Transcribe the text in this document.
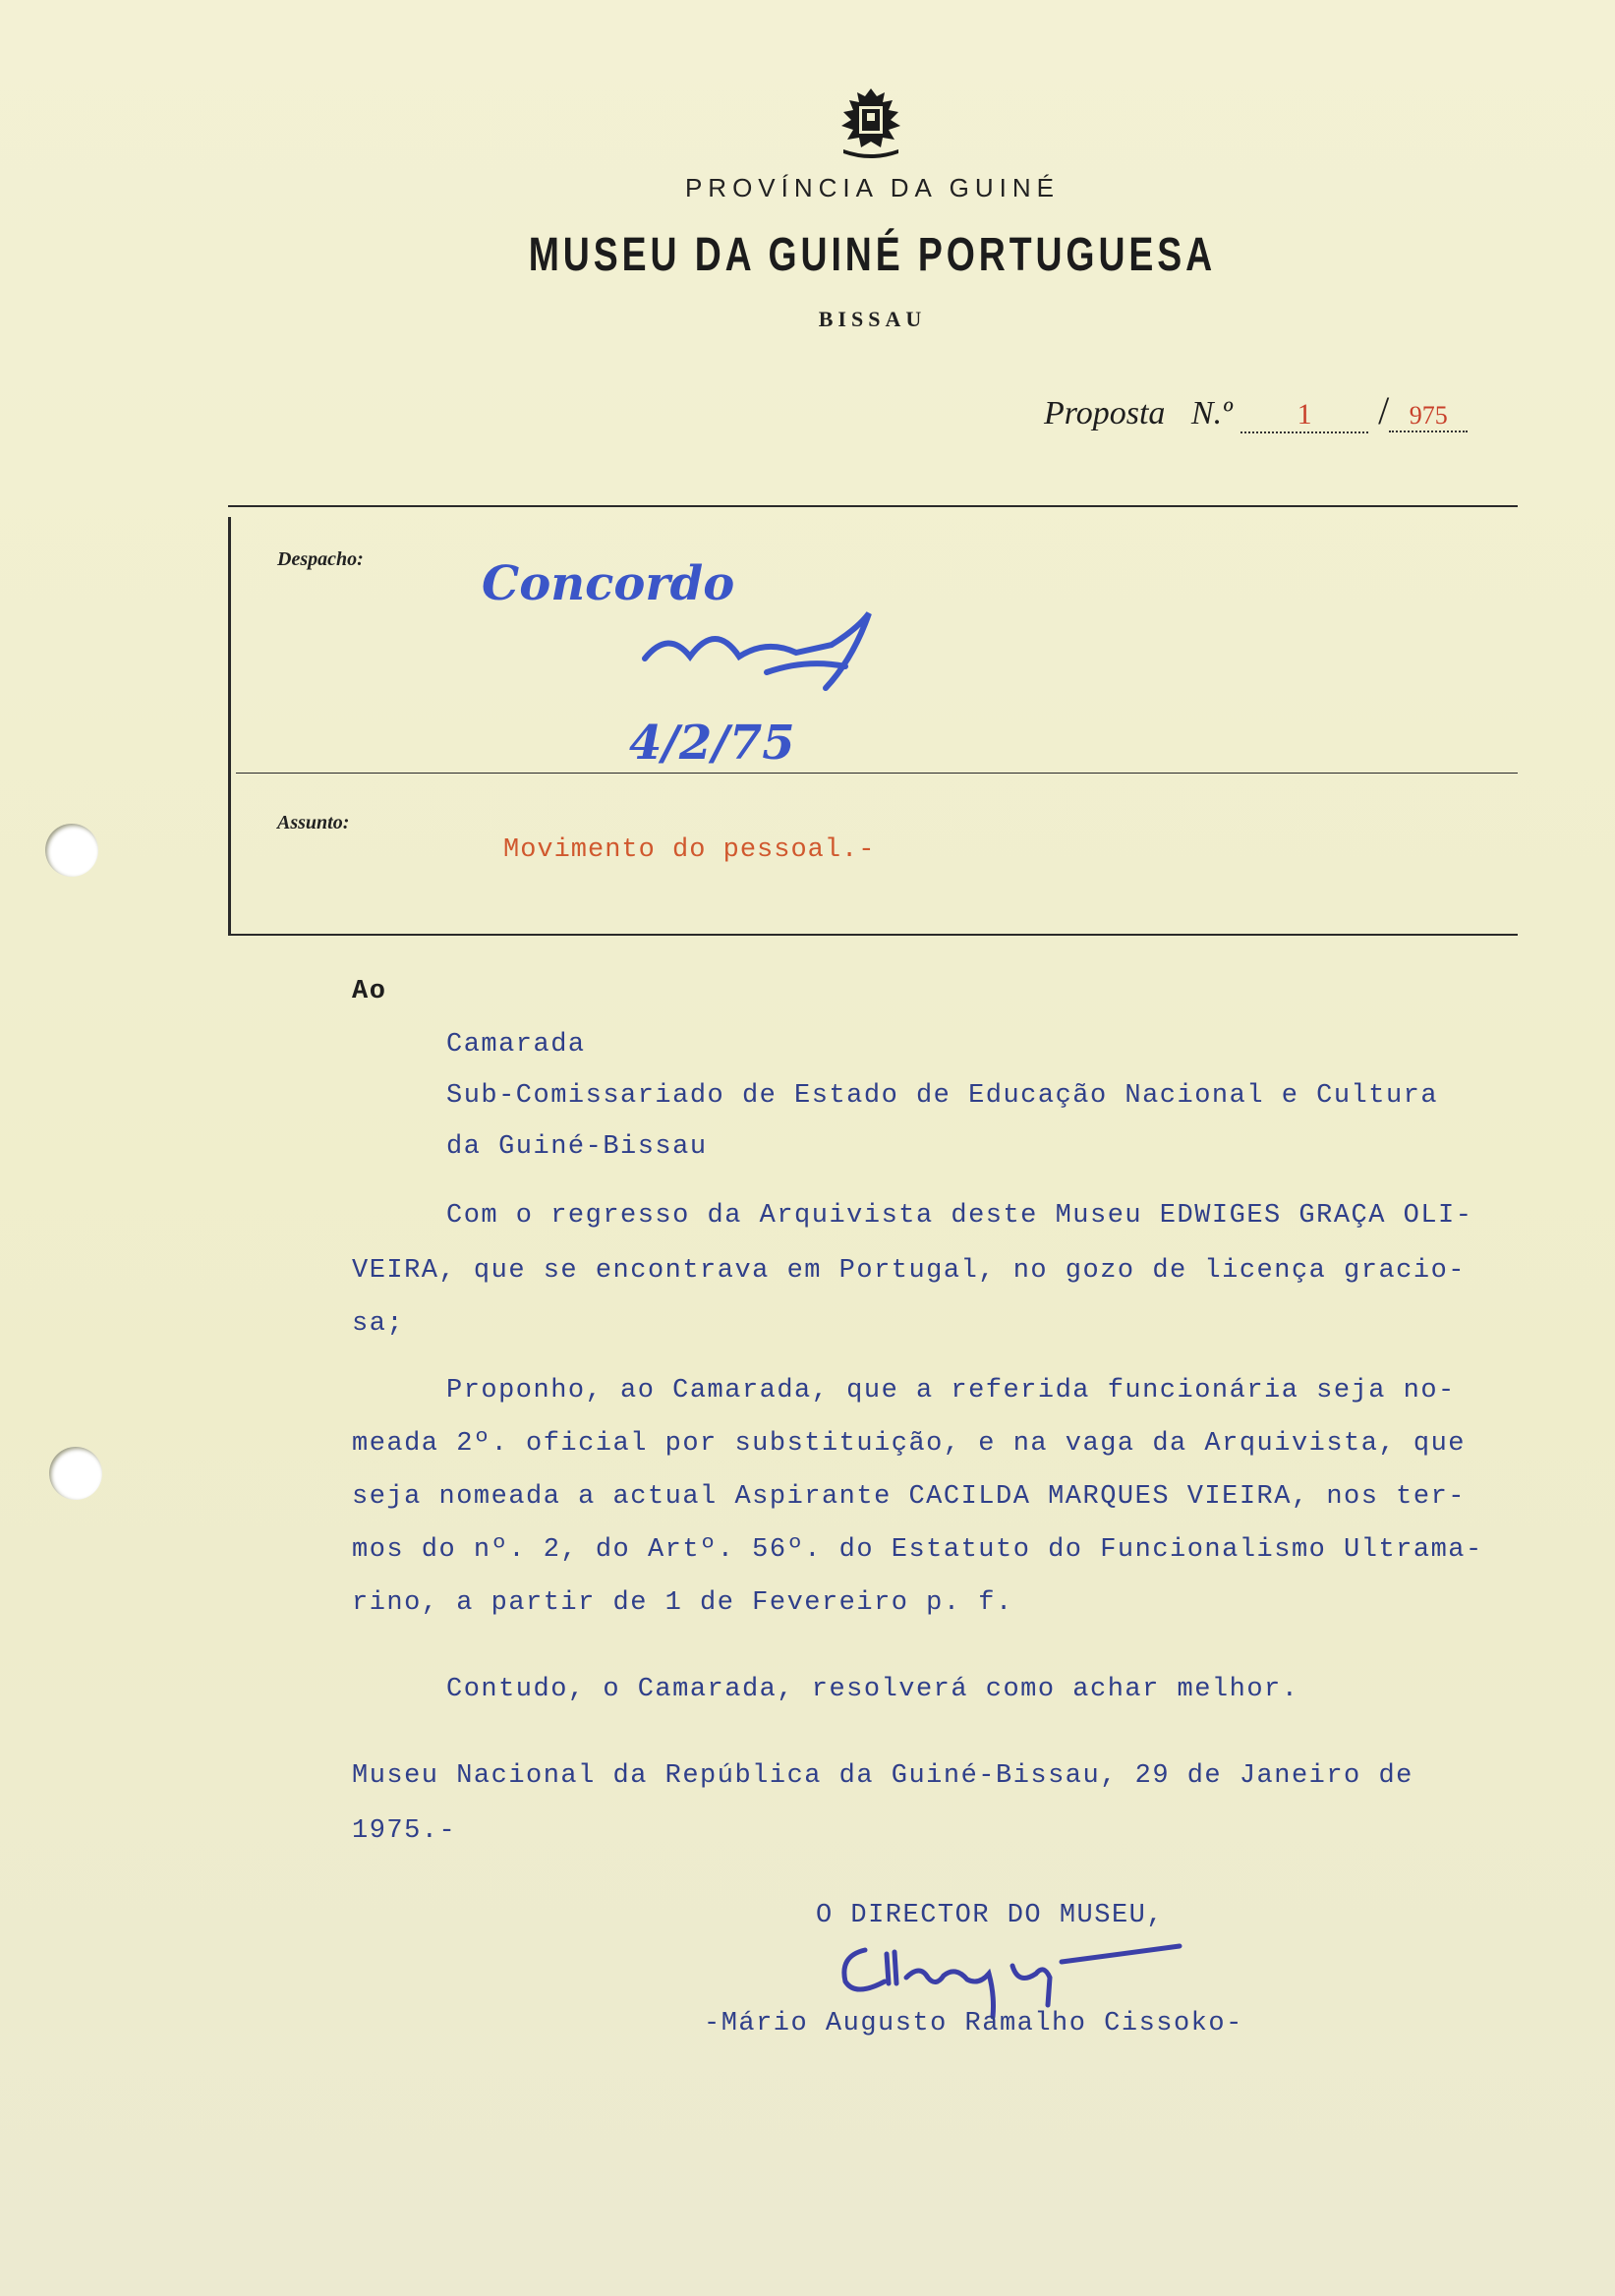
PROVÍNCIA DA GUINÉ
MUSEU DA GUINÉ PORTUGUESA
BISSAU
Proposta N.º 1 / 975
Despacho:	Concordo
4/2/75
Assunto:
Movimento do pessoal.-
Ao
Camarada
Sub-Comissariado de Estado de Educação Nacional e Cultura
da Guiné-Bissau
Com o regresso da Arquivista deste Museu EDWIGES GRAÇA OLI-
VEIRA, que se encontrava em Portugal, no gozo de licença gracio-
sa;
Proponho, ao Camarada, que a referida funcionária seja no-
meada 2º. oficial por substituição, e na vaga da Arquivista, que
seja nomeada a actual Aspirante CACILDA MARQUES VIEIRA, nos ter-
mos do nº. 2, do Artº. 56º. do Estatuto do Funcionalismo Ultrama-
rino, a partir de 1 de Fevereiro p. f.
Contudo, o Camarada, resolverá como achar melhor.
Museu Nacional da República da Guiné-Bissau, 29 de Janeiro de
1975.-
O DIRECTOR DO MUSEU,
-Mário Augusto Ramalho Cissoko-
